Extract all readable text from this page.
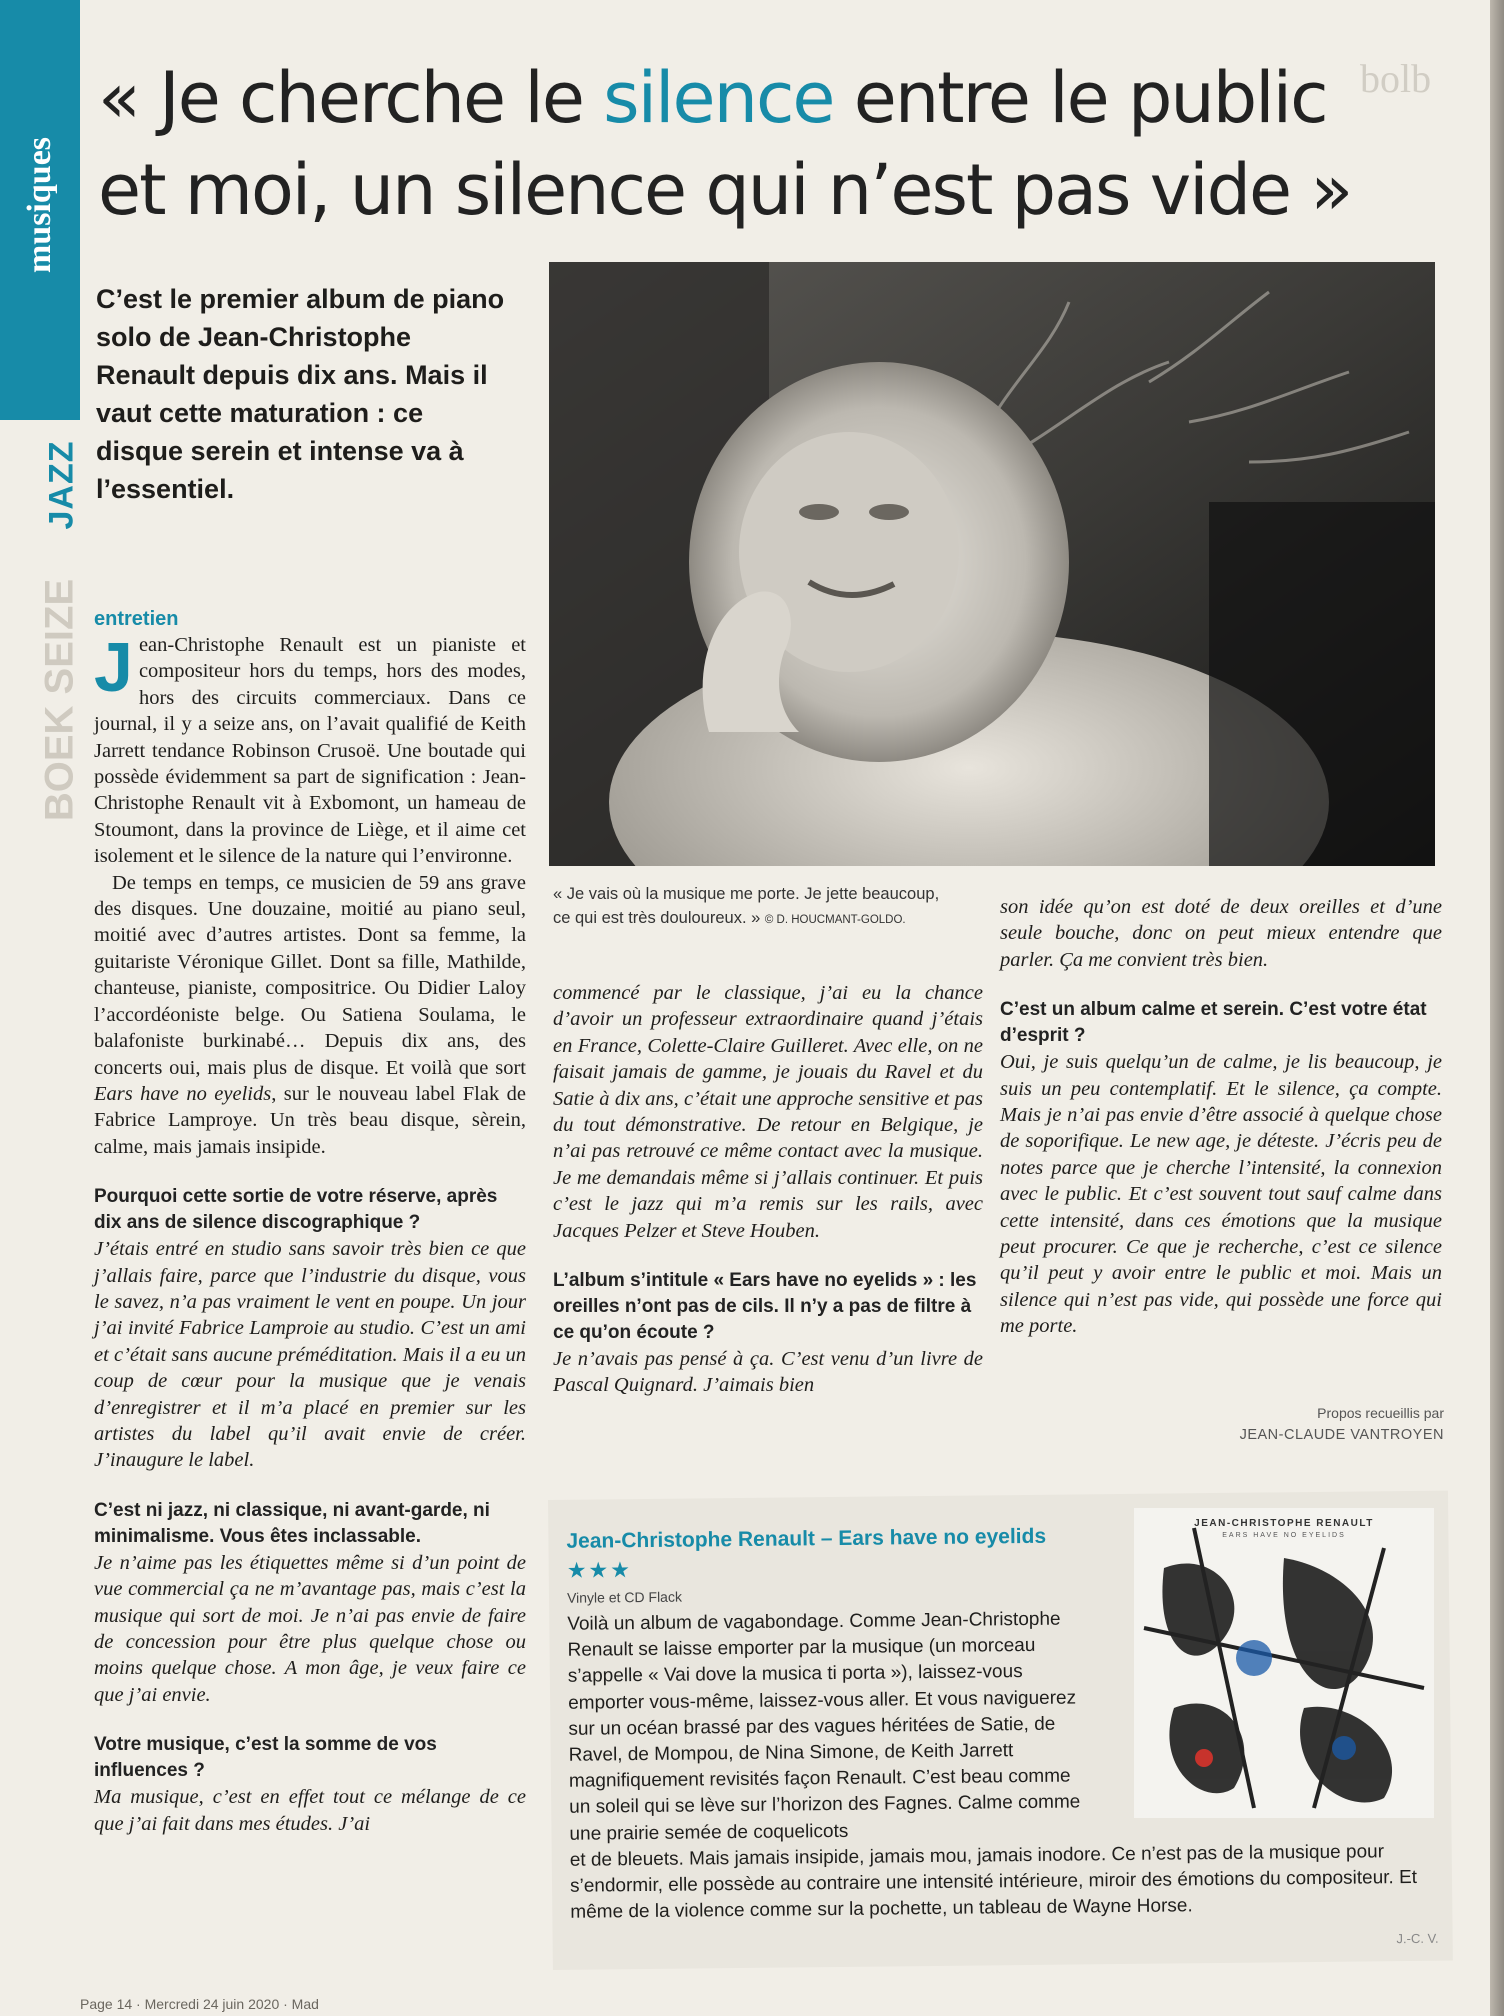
musiques
JAZZ
BOEK SEIZE
bolb
« Je cherche le silence entre le public
et moi, un silence qui n’est pas vide »
C’est le premier album de piano solo de Jean-Christophe Renault depuis dix ans. Mais il vaut cette maturation : ce disque serein et intense va à l’essentiel.
« Je vais où la musique me porte. Je jette beaucoup, ce qui est très douloureux. » © D. HOUCMANT-GOLDO.
entretien

Jean-Christophe Renault est un pianiste et compositeur hors du temps, hors des modes, hors des circuits commerciaux. Dans ce journal, il y a seize ans, on l’avait qualifié de Keith Jarrett tendance Robinson Crusoë. Une boutade qui possède évidemment sa part de signification : Jean-Christophe Renault vit à Exbomont, un hameau de Stoumont, dans la province de Liège, et il aime cet isolement et le silence de la nature qui l’environne.

De temps en temps, ce musicien de 59 ans grave des disques. Une douzaine, moitié au piano seul, moitié avec d’autres artistes. Dont sa femme, la guitariste Véronique Gillet. Dont sa fille, Mathilde, chanteuse, pianiste, compositrice. Ou Didier Laloy l’accordéoniste belge. Ou Satiena Soulama, le balafoniste burkinabé… Depuis dix ans, des concerts oui, mais plus de disque. Et voilà que sort Ears have no eyelids, sur le nouveau label Flak de Fabrice Lamproye. Un très beau disque, sèrein, calme, mais jamais insipide.

Pourquoi cette sortie de votre réserve, après dix ans de silence discographique ?

J’étais entré en studio sans savoir très bien ce que j’allais faire, parce que l’industrie du disque, vous le savez, n’a pas vraiment le vent en poupe. Un jour j’ai invité Fabrice Lamproie au studio. C’est un ami et c’était sans aucune préméditation. Mais il a eu un coup de cœur pour la musique que je venais d’enregistrer et il m’a placé en premier sur les artistes du label qu’il avait envie de créer. J’inaugure le label.

C’est ni jazz, ni classique, ni avant-garde, ni minimalisme. Vous êtes inclassable.

Je n’aime pas les étiquettes même si d’un point de vue commercial ça ne m’avantage pas, mais c’est la musique qui sort de moi. Je n’ai pas envie de faire de concession pour être plus quelque chose ou moins quelque chose. A mon âge, je veux faire ce que j’ai envie.

Votre musique, c’est la somme de vos influences ?

Ma musique, c’est en effet tout ce mélange de ce que j’ai fait dans mes études. J’ai

commencé par le classique, j’ai eu la chance d’avoir un professeur extraordinaire quand j’étais en France, Colette-Claire Guilleret. Avec elle, on ne faisait jamais de gamme, je jouais du Ravel et du Satie à dix ans, c’était une approche sensitive et pas du tout démonstrative. De retour en Belgique, je n’ai pas retrouvé ce même contact avec la musique. Je me demandais même si j’allais continuer. Et puis c’est le jazz qui m’a remis sur les rails, avec Jacques Pelzer et Steve Houben.

L’album s’intitule « Ears have no eyelids » : les oreilles n’ont pas de cils. Il n’y a pas de filtre à ce qu’on écoute ?

Je n’avais pas pensé à ça. C’est venu d’un livre de Pascal Quignard. J’aimais bien

son idée qu’on est doté de deux oreilles et d’une seule bouche, donc on peut mieux entendre que parler. Ça me convient très bien.

C’est un album calme et serein. C’est votre état d’esprit ?

Oui, je suis quelqu’un de calme, je lis beaucoup, je suis un peu contemplatif. Et le silence, ça compte. Mais je n’ai pas envie d’être associé à quelque chose de soporifique. Le new age, je déteste. J’écris peu de notes parce que je cherche l’intensité, la connexion avec le public. Et c’est souvent tout sauf calme dans cette intensité, dans ces émotions que la musique peut procurer. Ce que je recherche, c’est ce silence qu’il peut y avoir entre le public et moi. Mais un silence qui n’est pas vide, qui possède une force qui me porte.

Propos recueillis par
JEAN-CLAUDE VANTROYEN
Jean-Christophe Renault – Ears have no eyelids
★★★
Vinyle et CD Flack
Voilà un album de vagabondage. Comme Jean-Christophe Renault se laisse emporter par la musique (un morceau s’appelle « Vai dove la musica ti porta »), laissez-vous emporter vous-même, laissez-vous aller. Et vous naviguerez sur un océan brassé par des vagues héritées de Satie, de Ravel, de Mompou, de Nina Simone, de Keith Jarrett magnifiquement revisités façon Renault. C’est beau comme un soleil qui se lève sur l’horizon des Fagnes. Calme comme une prairie semée de coquelicots
et de bleuets. Mais jamais insipide, jamais mou, jamais inodore. Ce n’est pas de la musique pour s’endormir, elle possède au contraire une intensité intérieure, miroir des émotions du compositeur. Et même de la violence comme sur la pochette, un tableau de Wayne Horse.
J.-C. V.
JEAN-CHRISTOPHE RENAULT
EARS HAVE NO EYELIDS
Page 14 · Mercredi 24 juin 2020 · Mad
